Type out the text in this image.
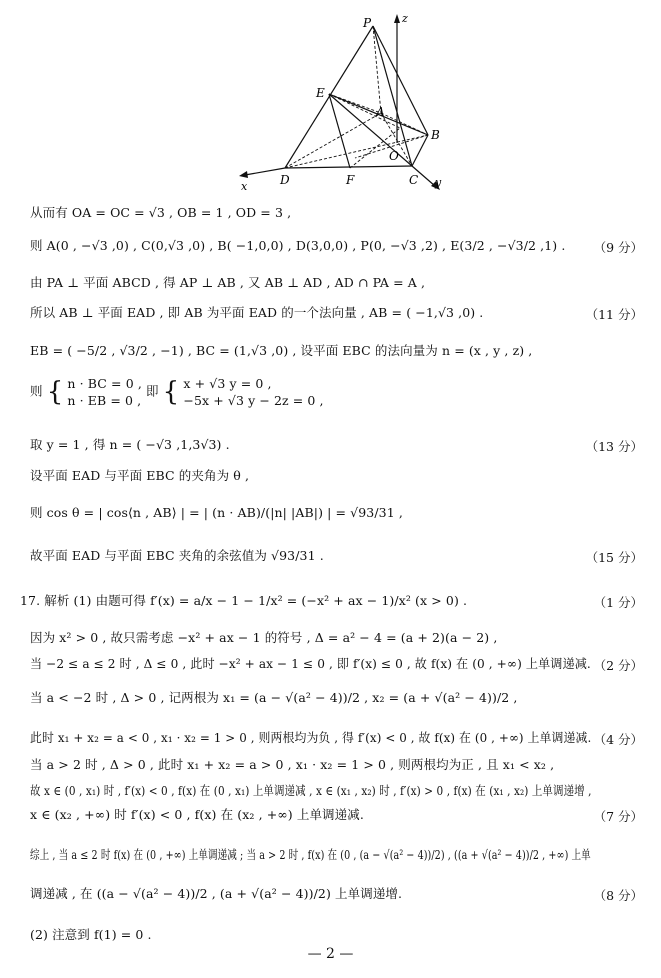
P	z
E
A
B
O
x	D	F	C y
从而有 OA = OC = √3 , OB = 1 , OD = 3 ,
则 A(0 , −√3 ,0) , C(0,√3 ,0) , B( −1,0,0) , D(3,0,0) , P(0, −√3 ,2) , E(3/2 , −√3/2 ,1) . （9 分）
由 PA ⊥ 平面 ABCD , 得 AP ⊥ AB , 又 AB ⊥ AD , AD ∩ PA = A ,
所以 AB ⊥ 平面 EAD , 即 AB 为平面 EAD 的一个法向量 , AB = ( −1,√3 ,0) .	（11 分）
EB = ( −5/2 , √3/2 , −1) , BC = (1,√3 ,0) , 设平面 EBC 的法向量为 n = (x , y , z) ,
则 { n · BC = 0 ,
n · EB = 0 ,
即 { x + √3 y = 0 ,
−5x + √3 y − 2z = 0 ,
取 y = 1 , 得 n = ( −√3 ,1,3√3) .	（13 分）
设平面 EAD 与平面 EBC 的夹角为 θ ,
则 cos θ = | cos⟨n , AB⟩ | = | (n · AB)/(|n| |AB|) | = √93/31 ,
故平面 EAD 与平面 EBC 夹角的余弦值为 √93/31 .	（15 分）
17. 解析 (1) 由题可得 f′(x) = a/x − 1 − 1/x² = (−x² + ax − 1)/x² (x > 0) .	（1 分）
因为 x² > 0 , 故只需考虑 −x² + ax − 1 的符号 , Δ = a² − 4 = (a + 2)(a − 2) ,
当 −2 ≤ a ≤ 2 时 , Δ ≤ 0 , 此时 −x² + ax − 1 ≤ 0 , 即 f′(x) ≤ 0 , 故 f(x) 在 (0 , +∞) 上单调递减. （2 分）
当 a < −2 时 , Δ > 0 , 记两根为 x₁ = (a − √(a² − 4))/2 , x₂ = (a + √(a² − 4))/2 ,
此时 x₁ + x₂ = a < 0 , x₁ · x₂ = 1 > 0 , 则两根均为负 , 得 f′(x) < 0 , 故 f(x) 在 (0 , +∞) 上单调递减. （4 分）
当 a > 2 时 , Δ > 0 , 此时 x₁ + x₂ = a > 0 , x₁ · x₂ = 1 > 0 , 则两根均为正 , 且 x₁ < x₂ ,
故 x ∈ (0 , x₁) 时 , f′(x) < 0 , f(x) 在 (0 , x₁) 上单调递减 , x ∈ (x₁ , x₂) 时 , f′(x) > 0 , f(x) 在 (x₁ , x₂) 上单调递增 ,
x ∈ (x₂ , +∞) 时 f′(x) < 0 , f(x) 在 (x₂ , +∞) 上单调递减.	（7 分）
综上 , 当 a ≤ 2 时 f(x) 在 (0 , +∞) 上单调递减 ; 当 a > 2 时 , f(x) 在 (0 , (a − √(a² − 4))/2) , ((a + √(a² − 4))/2 , +∞) 上单
调递减 , 在 ((a − √(a² − 4))/2 , (a + √(a² − 4))/2) 上单调递增.	（8 分）
(2) 注意到 f(1) = 0 .
— 2 —
